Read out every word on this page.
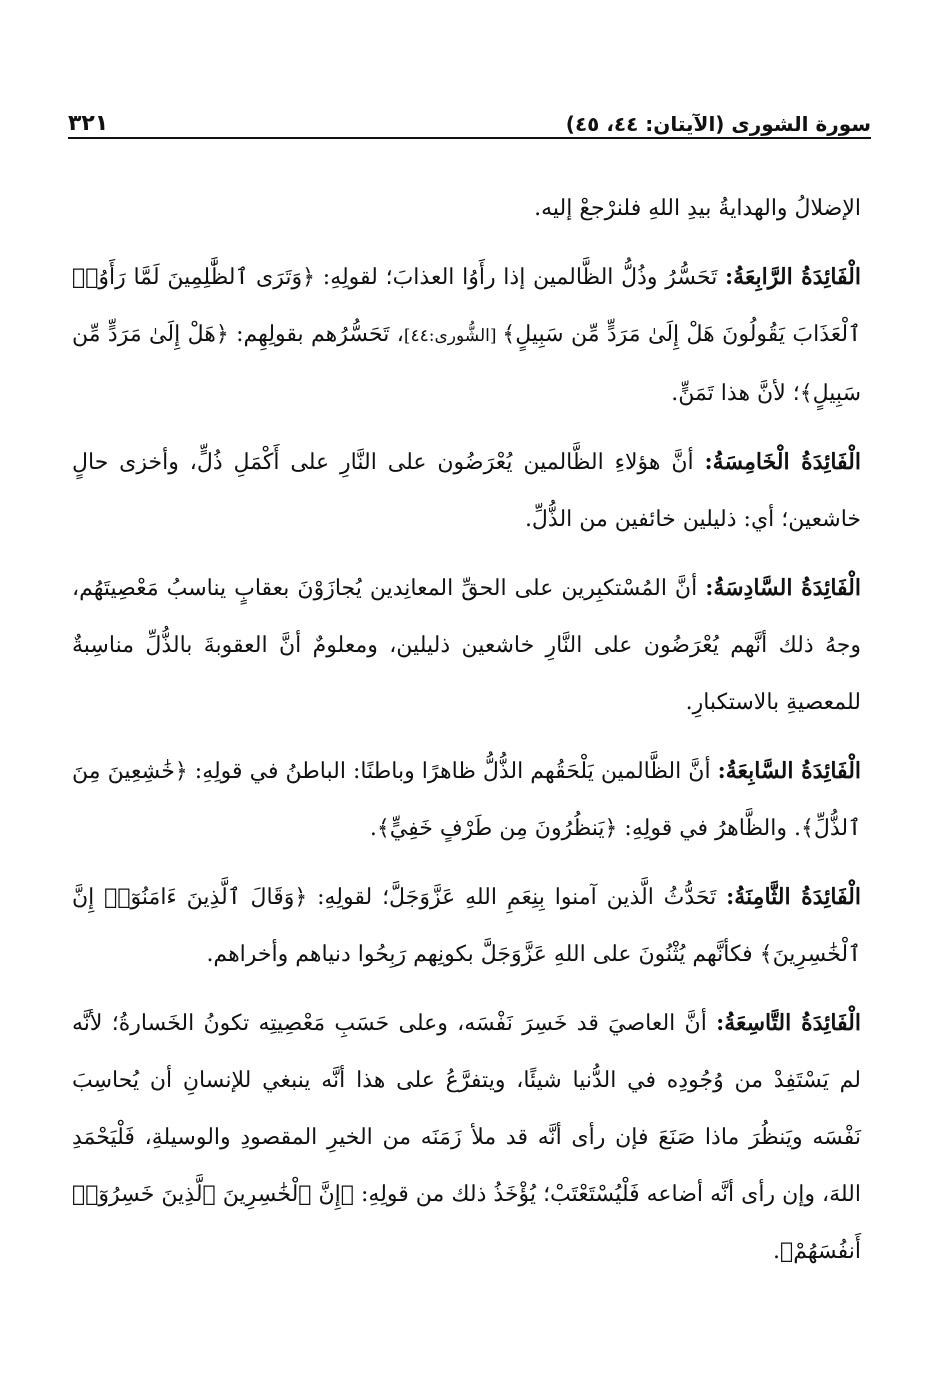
سورة الشورى (الآيتان: ٤٤، ٤٥)
٣٢١

الإضلالُ والهدايةُ بيدِ اللهِ فلنرْجعْ إليه.

الْفَائِدَةُ الرَّابِعَةُ: تَحَسُّرُ وذُلُّ الظَّالمين إذا رأَوُا العذابَ؛ لقولِهِ: ﴿وَتَرَى ٱلظَّٰلِمِينَ لَمَّا رَأَوُا۟ ٱلْعَذَابَ يَقُولُونَ هَلْ إِلَىٰ مَرَدٍّ مِّن سَبِيلٍ﴾ [الشُّورى:٤٤]، تَحَسُّرُهم بقولِهِم: ﴿هَلْ إِلَىٰ مَرَدٍّ مِّن سَبِيلٍ﴾؛ لأنَّ هذا تَمَنٍّ.

الْفَائِدَةُ الْخَامِسَةُ: أنَّ هؤلاءِ الظَّالمين يُعْرَضُون على النَّارِ على أَكْمَلِ ذُلٍّ، وأخزى حالٍ خاشعين؛ أي: ذليلين خائفين من الذُّلِّ.

الْفَائِدَةُ السَّادِسَةُ: أنَّ المُسْتكبِرين على الحقِّ المعانِدين يُجازَوْنَ بعقابٍ يناسبُ مَعْصِيتَهُم، وجهُ ذلك أنَّهم يُعْرَضُون على النَّارِ خاشعين ذليلين، ومعلومٌ أنَّ العقوبةَ بالذُّلِّ مناسِبةٌ للمعصيةِ بالاستكبارِ.

الْفَائِدَةُ السَّابِعَةُ: أنَّ الظَّالمين يَلْحَقُهم الذُّلُّ ظاهرًا وباطنًا: الباطنُ في قولِهِ: ﴿خَٰشِعِينَ مِنَ ٱلذُّلِّ﴾. والظَّاهرُ في قولِهِ: ﴿يَنظُرُونَ مِن طَرْفٍ خَفِيٍّ﴾.

الْفَائِدَةُ الثَّامِنَةُ: تَحَدُّثُ الَّذين آمنوا بِنِعَمِ اللهِ عَزَّوَجَلَّ؛ لقولِهِ: ﴿وَقَالَ ٱلَّذِينَ ءَامَنُوٓا۟ إِنَّ ٱلْخَٰسِرِينَ﴾ فكأنَّهم يُثْنُونَ على اللهِ عَزَّوَجَلَّ بكونِهم رَبِحُوا دنياهم وأخراهم.

الْفَائِدَةُ التَّاسِعَةُ: أنَّ العاصيَ قد خَسِرَ نَفْسَه، وعلى حَسَبِ مَعْصِيتِه تكونُ الخَسارةُ؛ لأنَّه لم يَسْتَفِدْ من وُجُودِه في الدُّنيا شيئًا، ويتفرَّعُ على هذا أنَّه ينبغي للإنسانِ أن يُحاسِبَ نَفْسَه ويَنظُرَ ماذا صَنَعَ فإن رأى أنَّه قد ملأ زَمَنَه من الخيرِ المقصودِ والوسيلةِ، فَلْيَحْمَدِ اللهَ، وإن رأى أنَّه أضاعه فَلْيُسْتَعْتَبْ؛ يُؤْخَذُ ذلك من قولِهِ: ﴿إِنَّ ٱلْخَٰسِرِينَ ٱلَّذِينَ خَسِرُوٓا۟ أَنفُسَهُمْ﴾.
